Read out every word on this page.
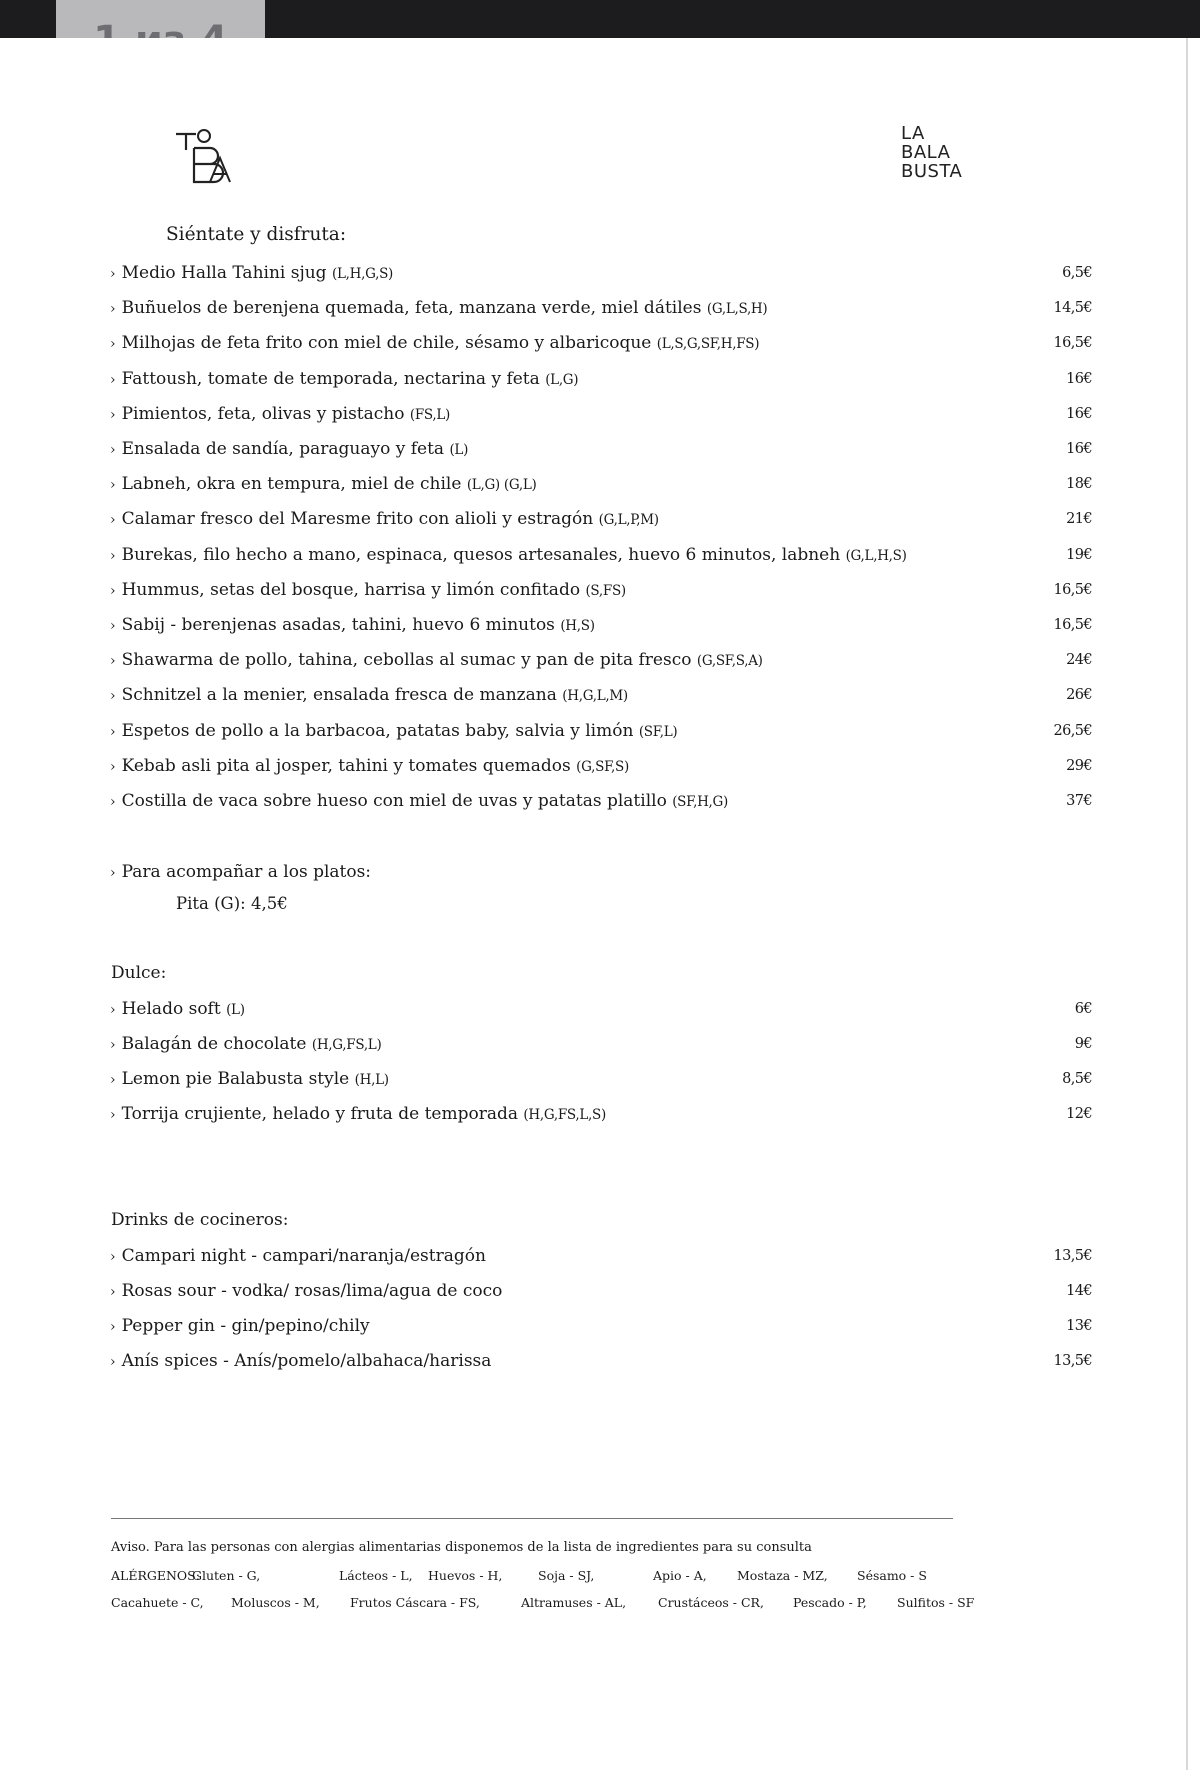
LA
BALA
BUSTA
Siéntate y disfruta:
› Medio Halla Tahini sjug (L,H,G,S)	6,5€
› Buñuelos de berenjena quemada, feta, manzana verde, miel dátiles (G,L,S,H)	14,5€
› Milhojas de feta frito con miel de chile, sésamo y albaricoque (L,S,G,SF,H,FS)	16,5€
› Fattoush, tomate de temporada, nectarina y feta (L,G)	16€
› Pimientos, feta, olivas y pistacho (FS,L)	16€
› Ensalada de sandía, paraguayo y feta (L)	16€
› Labneh, okra en tempura, miel de chile (L,G) (G,L)	18€
› Calamar fresco del Maresme frito con alioli y estragón (G,L,P,M)	21€
› Burekas, filo hecho a mano, espinaca, quesos artesanales, huevo 6 minutos, labneh (G,L,H,S)	19€
› Hummus, setas del bosque, harrisa y limón confitado (S,FS)	16,5€
› Sabij - berenjenas asadas, tahini, huevo 6 minutos (H,S)	16,5€
› Shawarma de pollo, tahina, cebollas al sumac y pan de pita fresco (G,SF,S,A)	24€
› Schnitzel a la menier, ensalada fresca de manzana (H,G,L,M)	26€
› Espetos de pollo a la barbacoa, patatas baby, salvia y limón (SF,L)	26,5€
› Kebab asli pita al josper, tahini y tomates quemados (G,SF,S)	29€
› Costilla de vaca sobre hueso con miel de uvas y patatas platillo (SF,H,G)	37€
› Para acompañar a los platos:
Pita (G): 4,5€
Dulce:
› Helado soft (L)	6€
› Balagán de chocolate (H,G,FS,L)	9€
› Lemon pie Balabusta style (H,L)	8,5€
› Torrija crujiente, helado y fruta de temporada (H,G,FS,L,S)	12€
Drinks de cocineros:
› Campari night - campari/naranja/estragón	13,5€
› Rosas sour - vodka/ rosas/lima/agua de coco	14€
› Pepper gin - gin/pepino/chily	13€
› Anís spices - Anís/pomelo/albahaca/harissa	13,5€
Aviso. Para las personas con alergias alimentarias disponemos de la lista de ingredientes para su consulta
ALÉRGENOS:
Gluten - G,	Lácteos - L, Huevos - H,	Soja - SJ,	Apio - A, Mostaza - MZ, Sésamo - S
Cacahuete - C, Moluscos - M, Frutos Cáscara - FS,	Altramuses - AL,	Crustáceos - CR, Pescado - P, Sulfitos - SF
